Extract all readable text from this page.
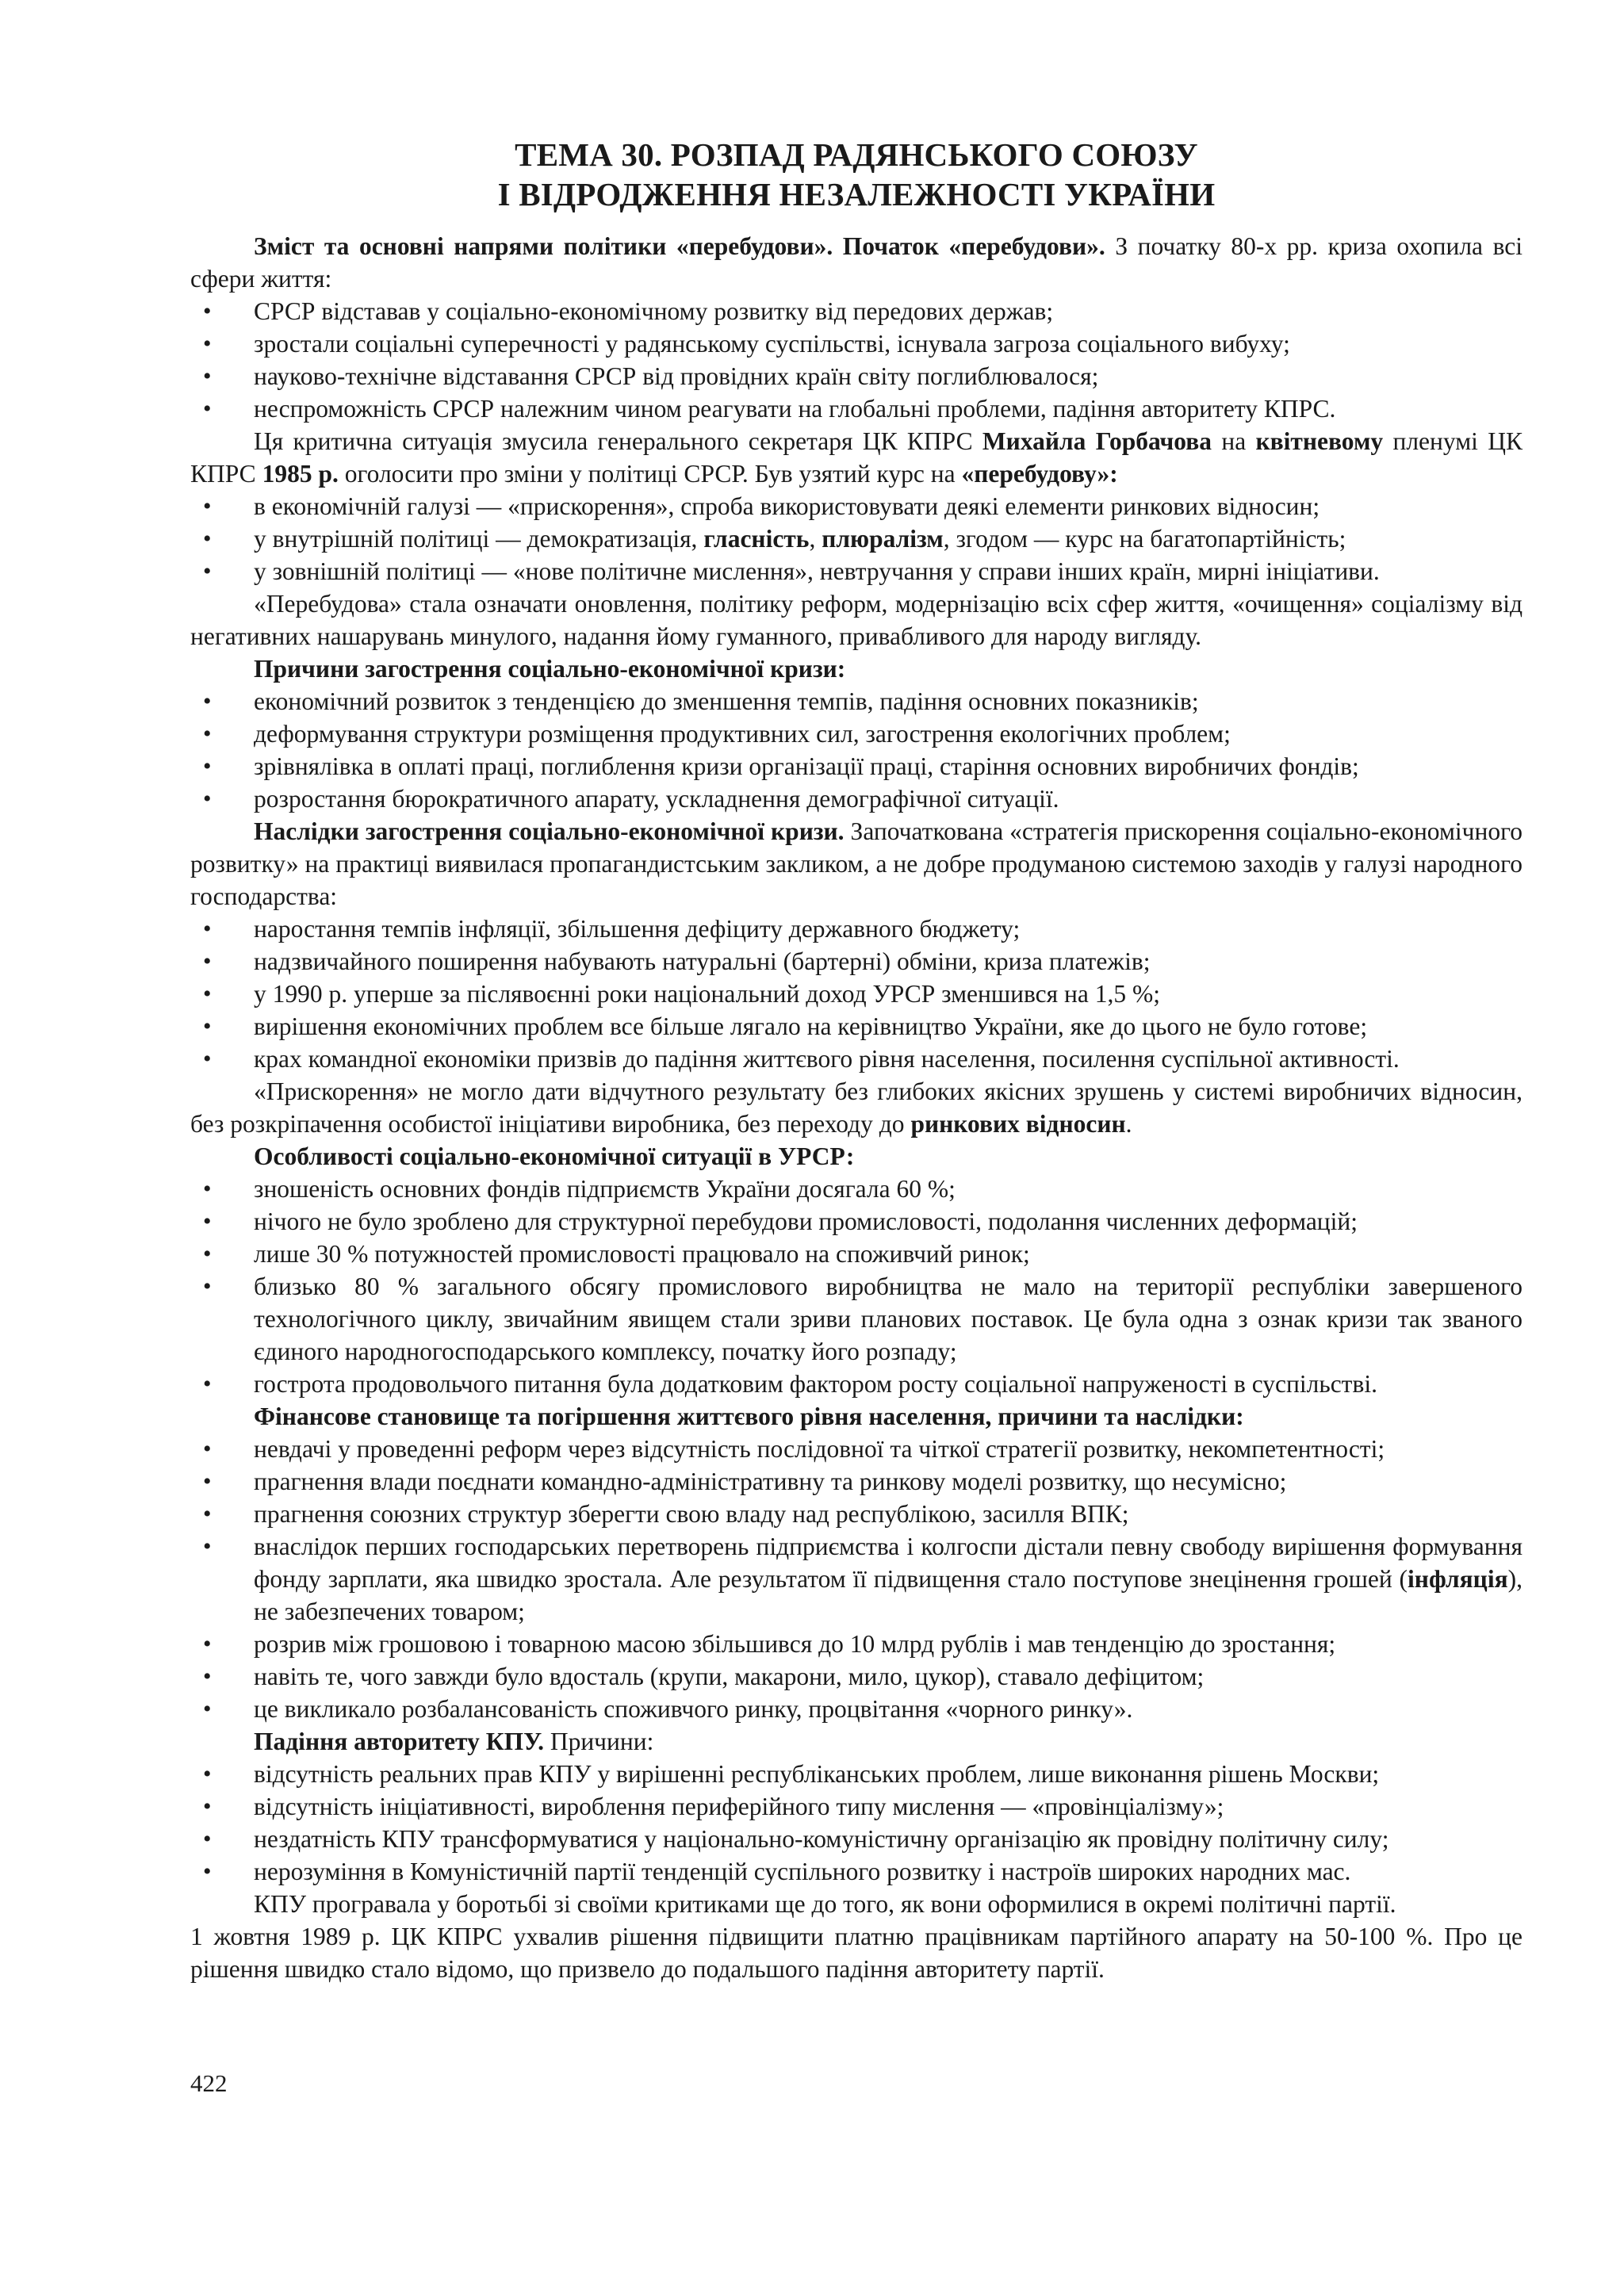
ТЕМА 30. РОЗПАД РАДЯНСЬКОГО СОЮЗУ
І ВІДРОДЖЕННЯ НЕЗАЛЕЖНОСТІ УКРАЇНИ

Зміст та основні напрями політики «перебудови». Початок «перебудови». З початку 80-х рр. криза охопила всі сфери життя:

• СРСР відставав у соціально-економічному розвитку від передових держав;
• зростали соціальні суперечності у радянському суспільстві, існувала загроза соціального вибуху;
• науково-технічне відставання СРСР від провідних країн світу поглиблювалося;
• неспроможність СРСР належним чином реагувати на глобальні проблеми, падіння авторитету КПРС.

Ця критична ситуація змусила генерального секретаря ЦК КПРС Михайла Горбачова на квітневому пленумі ЦК КПРС 1985 р. оголосити про зміни у політиці СРСР. Був узятий курс на «перебудову»:

• в економічній галузі — «прискорення», спроба використовувати деякі елементи ринкових відносин;
• у внутрішній політиці — демократизація, гласність, плюралізм, згодом — курс на багатопартійність;
• у зовнішній політиці — «нове політичне мислення», невтручання у справи інших країн, мирні ініціативи.

«Перебудова» стала означати оновлення, політику реформ, модернізацію всіх сфер життя, «очищення» соціалізму від негативних нашарувань минулого, надання йому гуманного, привабливого для народу вигляду.

Причини загострення соціально-економічної кризи:
• економічний розвиток з тенденцією до зменшення темпів, падіння основних показників;
• деформування структури розміщення продуктивних сил, загострення екологічних проблем;
• зрівнялівка в оплаті праці, поглиблення кризи організації праці, старіння основних виробничих фондів;
• розростання бюрократичного апарату, ускладнення демографічної ситуації.

Наслідки загострення соціально-економічної кризи. Започаткована «стратегія прискорення соціально-економічного розвитку» на практиці виявилася пропагандистським закликом, а не добре продуманою системою заходів у галузі народного господарства:

• наростання темпів інфляції, збільшення дефіциту державного бюджету;
• надзвичайного поширення набувають натуральні (бартерні) обміни, криза платежів;
• у 1990 р. уперше за післявоєнні роки національний доход УРСР зменшився на 1,5 %;
• вирішення економічних проблем все більше лягало на керівництво України, яке до цього не було готове;
• крах командної економіки призвів до падіння життєвого рівня населення, посилення суспільної активності.

«Прискорення» не могло дати відчутного результату без глибоких якісних зрушень у системі виробничих відносин, без розкріпачення особистої ініціативи виробника, без переходу до ринкових відносин.

Особливості соціально-економічної ситуації в УРСР:
• зношеність основних фондів підприємств України досягала 60 %;
• нічого не було зроблено для структурної перебудови промисловості, подолання численних деформацій;
• лише 30 % потужностей промисловості працювало на споживчий ринок;
• близько 80 % загального обсягу промислового виробництва не мало на території республіки завершеного технологічного циклу, звичайним явищем стали зриви планових поставок. Це була одна з ознак кризи так званого єдиного народногосподарського комплексу, початку його розпаду;
• гострота продовольчого питання була додатковим фактором росту соціальної напруженості в суспільстві.
Фінансове становище та погіршення життєвого рівня населення, причини та наслідки:
• невдачі у проведенні реформ через відсутність послідовної та чіткої стратегії розвитку, некомпетентності;
• прагнення влади поєднати командно-адміністративну та ринкову моделі розвитку, що несумісно;
• прагнення союзних структур зберегти свою владу над республікою, засилля ВПК;
• внаслідок перших господарських перетворень підприємства і колгоспи дістали певну свободу вирішення формування фонду зарплати, яка швидко зростала. Але результатом її підвищення стало поступове знецінення грошей (інфляція), не забезпечених товаром;
• розрив між грошовою і товарною масою збільшився до 10 млрд рублів і мав тенденцію до зростання;
• навіть те, чого завжди було вдосталь (крупи, макарони, мило, цукор), ставало дефіцитом;
• це викликало розбалансованість споживчого ринку, процвітання «чорного ринку».

Падіння авторитету КПУ. Причини:

• відсутність реальних прав КПУ у вирішенні республіканських проблем, лише виконання рішень Москви;
• відсутність ініціативності, вироблення периферійного типу мислення — «провінціалізму»;
• нездатність КПУ трансформуватися у національно-комуністичну організацію як провідну політичну силу;
• нерозуміння в Комуністичній партії тенденцій суспільного розвитку і настроїв широких народних мас.

КПУ програвала у боротьбі зі своїми критиками ще до того, як вони оформилися в окремі політичні партії.

1 жовтня 1989 р. ЦК КПРС ухвалив рішення підвищити платню працівникам партійного апарату на 50-100 %. Про це рішення швидко стало відомо, що призвело до подальшого падіння авторитету партії.

422
